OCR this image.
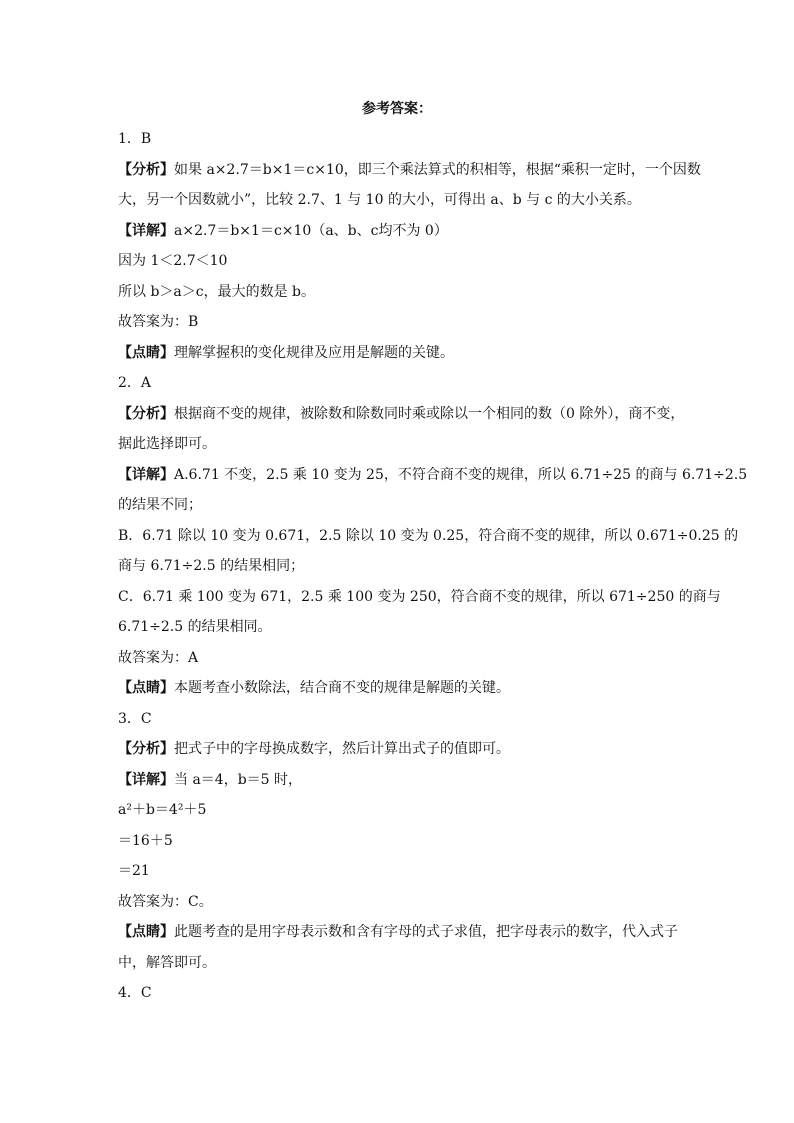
参考答案：
1．B
【分析】如果 a×2.7＝b×1＝c×10，即三个乘法算式的积相等，根据“乘积一定时，一个因数
大，另一个因数就小”，比较 2.7、1 与 10 的大小，可得出 a、b 与 c 的大小关系。
【详解】a×2.7＝b×1＝c×10（a、b、c均不为 0）
因为 1＜2.7＜10
所以 b＞a＞c，最大的数是 b。
故答案为：B
【点睛】理解掌握积的变化规律及应用是解题的关键。
2．A
【分析】根据商不变的规律，被除数和除数同时乘或除以一个相同的数（0 除外），商不变，
据此选择即可。
【详解】A.6.71 不变，2.5 乘 10 变为 25，不符合商不变的规律，所以 6.71÷25 的商与 6.71÷2.5
的结果不同；
B．6.71 除以 10 变为 0.671，2.5 除以 10 变为 0.25，符合商不变的规律，所以 0.671÷0.25 的
商与 6.71÷2.5 的结果相同；
C．6.71 乘 100 变为 671，2.5 乘 100 变为 250，符合商不变的规律，所以 671÷250 的商与
6.71÷2.5 的结果相同。
故答案为：A
【点睛】本题考查小数除法，结合商不变的规律是解题的关键。
3．C
【分析】把式子中的字母换成数字，然后计算出式子的值即可。
【详解】当 a＝4，b＝5 时，
a²＋b＝4²＋5
＝16＋5
＝21
故答案为：C。
【点睛】此题考查的是用字母表示数和含有字母的式子求值，把字母表示的数字，代入式子
中，解答即可。
4．C
